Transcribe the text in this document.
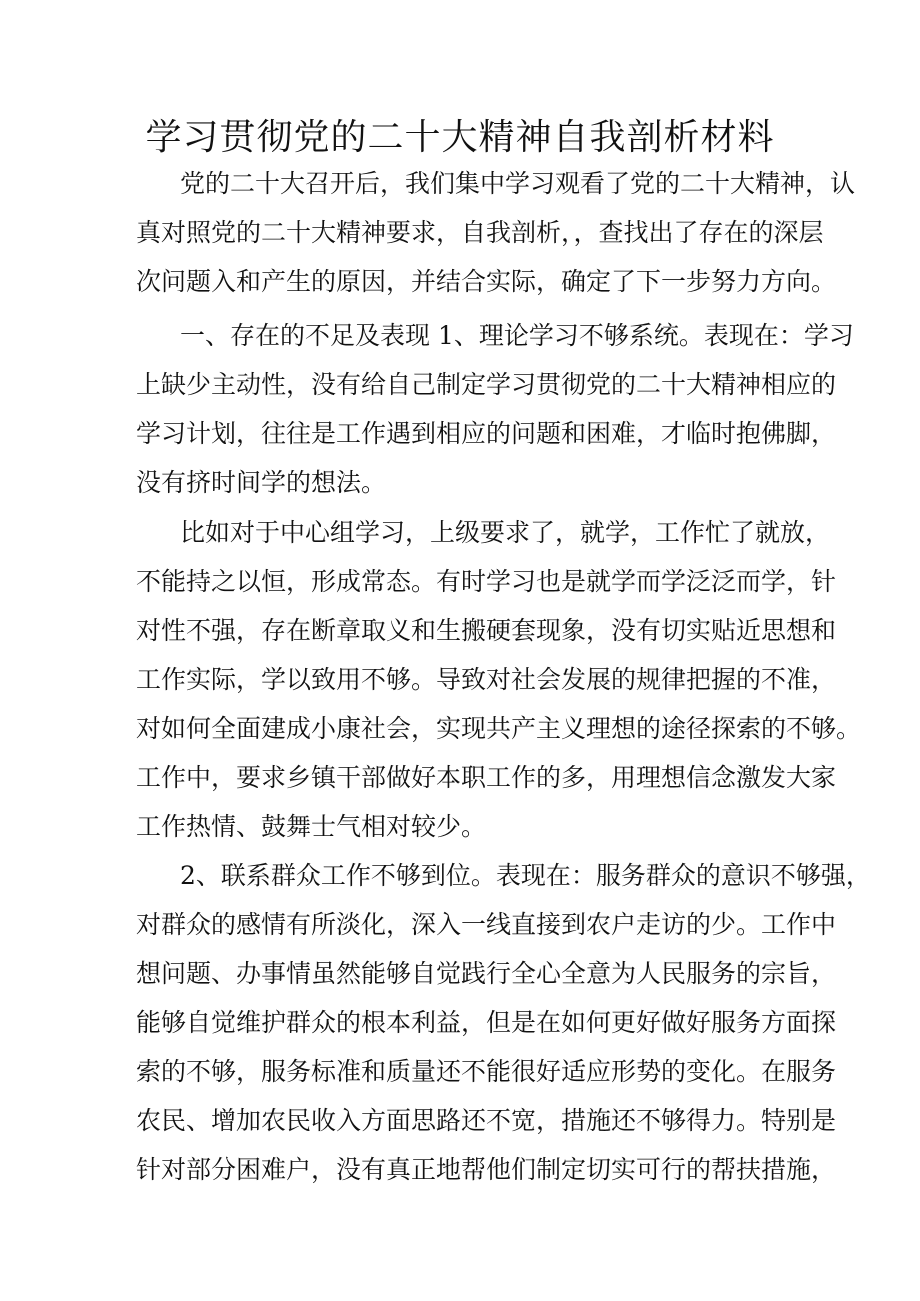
学习贯彻党的二十大精神自我剖析材料

党的二十大召开后，我们集中学习观看了党的二十大精神，认

真对照党的二十大精神要求，自我剖析，，查找出了存在的深层

次问题入和产生的原因，并结合实际，确定了下一步努力方向。

一、存在的不足及表现 1、理论学习不够系统。表现在：学习

上缺少主动性，没有给自己制定学习贯彻党的二十大精神相应的

学习计划，往往是工作遇到相应的问题和困难，才临时抱佛脚，

没有挤时间学的想法。

比如对于中心组学习，上级要求了，就学，工作忙了就放，

不能持之以恒，形成常态。有时学习也是就学而学泛泛而学，针

对性不强，存在断章取义和生搬硬套现象，没有切实贴近思想和

工作实际，学以致用不够。导致对社会发展的规律把握的不准，

对如何全面建成小康社会，实现共产主义理想的途径探索的不够。

工作中，要求乡镇干部做好本职工作的多，用理想信念激发大家

工作热情、鼓舞士气相对较少。

2、联系群众工作不够到位。表现在：服务群众的意识不够强，

对群众的感情有所淡化，深入一线直接到农户走访的少。工作中

想问题、办事情虽然能够自觉践行全心全意为人民服务的宗旨，

能够自觉维护群众的根本利益，但是在如何更好做好服务方面探

索的不够，服务标准和质量还不能很好适应形势的变化。在服务

农民、增加农民收入方面思路还不宽，措施还不够得力。特别是

针对部分困难户，没有真正地帮他们制定切实可行的帮扶措施，
